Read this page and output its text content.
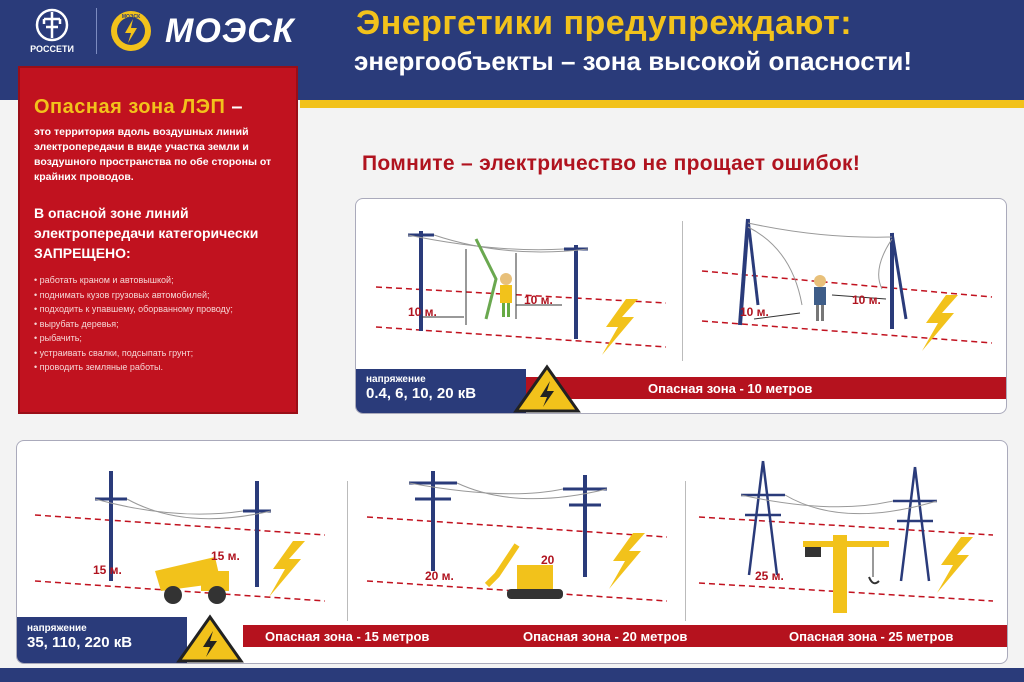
РОССЕТИ
МОЭСК МОЭСК Энергетики предупреждают:
энергообъекты – зона высокой опасности!
Опасная зона ЛЭП –
это территория вдоль воздушных линий электропередачи в виде участка земли и воздушного пространства по обе стороны от крайних проводов.
В опасной зоне линий электропередачи категорически
ЗАПРЕЩЕНО:
• работать краном и автовышкой;
• поднимать кузов грузовых автомобилей;
• подходить к упавшему, оборванному проводу;
• вырубать деревья;
• рыбачить;
• устраивать свалки, подсыпать грунт;
• проводить земляные работы.
Помните – электричество не прощает ошибок!
10 м.
10 м.
10 м.
10 м.
Опасная зона - 10 метров
напряжение
0.4, 6, 10, 20 кВ
15 м.
15 м.
20 м.
20
25 м.
Опасная зона - 15 метров	Опасная зона - 20 метров	Опасная зона - 25 метров
напряжение
35, 110, 220 кВ
